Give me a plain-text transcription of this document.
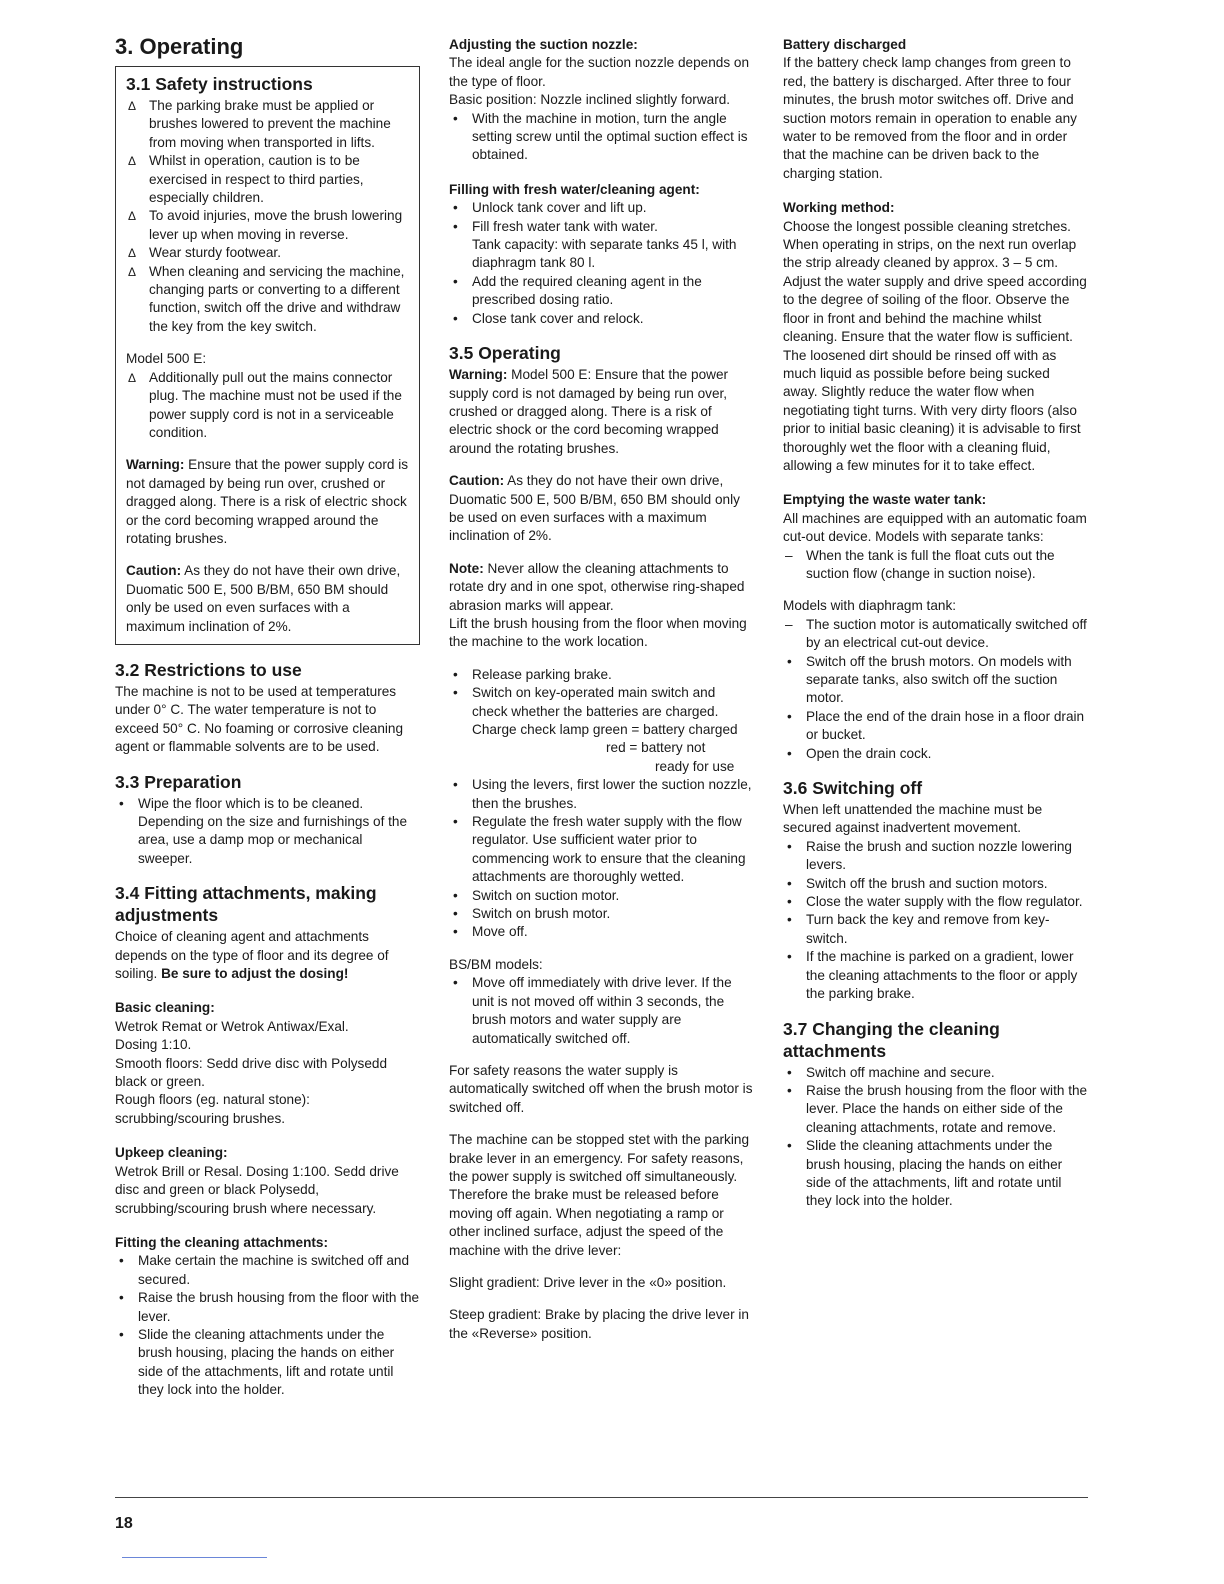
3. Operating
3.1 Safety instructions
Δ The parking brake must be applied or brushes lowered to prevent the machine from moving when transported in lifts.
Δ Whilst in operation, caution is to be exercised in respect to third parties, especially children.
Δ To avoid injuries, move the brush lowering lever up when moving in reverse.
Δ Wear sturdy footwear.
Δ When cleaning and servicing the machine, changing parts or converting to a different function, switch off the drive and withdraw the key from the key switch.

Model 500 E:

Δ Additionally pull out the mains connector plug. The machine must not be used if the power supply cord is not in a serviceable condition.

Warning: Ensure that the power supply cord is not damaged by being run over, crushed or dragged along. There is a risk of electric shock or the cord becoming wrapped around the rotating brushes.

Caution: As they do not have their own drive, Duomatic 500 E, 500 B/BM, 650 BM should only be used on even surfaces with a maximum inclination of 2%.

3.2 Restrictions to use

The machine is not to be used at temperatures under 0° C. The water temperature is not to exceed 50° C. No foaming or corrosive cleaning agent or flammable solvents are to be used.

3.3 Preparation
• Wipe the floor which is to be cleaned. Depending on the size and furnishings of the area, use a damp mop or mechanical sweeper.
3.4 Fitting attachments, making adjustments

Choice of cleaning agent and attachments depends on the type of floor and its degree of soiling. Be sure to adjust the dosing!

Basic cleaning:

Wetrok Remat or Wetrok Antiwax/Exal.

Dosing 1:10.

Smooth floors: Sedd drive disc with Polysedd black or green.

Rough floors (eg. natural stone): scrubbing/scouring brushes.

Upkeep cleaning:

Wetrok Brill or Resal. Dosing 1:100. Sedd drive disc and green or black Polysedd, scrubbing/scouring brush where necessary.

Fitting the cleaning attachments:
• Make certain the machine is switched off and secured.
• Raise the brush housing from the floor with the lever.
• Slide the cleaning attachments under the brush housing, placing the hands on either side of the attachments, lift and rotate until they lock into the holder.
Adjusting the suction nozzle:

The ideal angle for the suction nozzle depends on the type of floor.

Basic position: Nozzle inclined slightly forward.

• With the machine in motion, turn the angle setting screw until the optimal suction effect is obtained.
Filling with fresh water/cleaning agent:
• Unlock tank cover and lift up.
• Fill fresh water tank with water.
Tank capacity: with separate tanks 45 l, with diaphragm tank 80 l.
• Add the required cleaning agent in the prescribed dosing ratio.
• Close tank cover and relock.
3.5 Operating

Warning: Model 500 E: Ensure that the power supply cord is not damaged by being run over, crushed or dragged along. There is a risk of electric shock or the cord becoming wrapped around the rotating brushes.

Caution: As they do not have their own drive, Duomatic 500 E, 500 B/BM, 650 BM should only be used on even surfaces with a maximum inclination of 2%.

Note: Never allow the cleaning attachments to rotate dry and in one spot, otherwise ring-shaped abrasion marks will appear.

Lift the brush housing from the floor when moving the machine to the work location.

• Release parking brake.
• Switch on key-operated main switch and check whether the batteries are charged.

Charge check lamp green = battery charged

red = battery not

ready for use

• Using the levers, first lower the suction nozzle, then the brushes.
• Regulate the fresh water supply with the flow regulator. Use sufficient water prior to commencing work to ensure that the cleaning attachments are thoroughly wetted.
• Switch on suction motor.
• Switch on brush motor.
• Move off.

BS/BM models:

• Move off immediately with drive lever. If the unit is not moved off within 3 seconds, the brush motors and water supply are automatically switched off.

For safety reasons the water supply is automatically switched off when the brush motor is switched off.

The machine can be stopped stet with the parking brake lever in an emergency. For safety reasons, the power supply is switched off simultaneously. Therefore the brake must be released before moving off again. When negotiating a ramp or other inclined surface, adjust the speed of the machine with the drive lever:

Slight gradient: Drive lever in the «0» position.

Steep gradient: Brake by placing the drive lever in the «Reverse» position.

Battery discharged

If the battery check lamp changes from green to red, the battery is discharged. After three to four minutes, the brush motor switches off. Drive and suction motors remain in operation to enable any water to be removed from the floor and in order that the machine can be driven back to the charging station.

Working method:

Choose the longest possible cleaning stretches. When operating in strips, on the next run overlap the strip already cleaned by approx. 3 – 5 cm. Adjust the water supply and drive speed according to the degree of soiling of the floor. Observe the floor in front and behind the machine whilst cleaning. Ensure that the water flow is sufficient. The loosened dirt should be rinsed off with as much liquid as possible before being sucked away. Slightly reduce the water flow when negotiating tight turns. With very dirty floors (also prior to initial basic cleaning) it is advisable to first thoroughly wet the floor with a cleaning fluid, allowing a few minutes for it to take effect.

Emptying the waste water tank:

All machines are equipped with an automatic foam cut-out device. Models with separate tanks:

– When the tank is full the float cuts out the suction flow (change in suction noise).

Models with diaphragm tank:

– The suction motor is automatically switched off by an electrical cut-out device.
• Switch off the brush motors. On models with separate tanks, also switch off the suction motor.
• Place the end of the drain hose in a floor drain or bucket.
• Open the drain cock.
3.6 Switching off

When left unattended the machine must be secured against inadvertent movement.

• Raise the brush and suction nozzle lowering levers.
• Switch off the brush and suction motors.
• Close the water supply with the flow regulator.
• Turn back the key and remove from key-switch.
• If the machine is parked on a gradient, lower the cleaning attachments to the floor or apply the parking brake.
3.7 Changing the cleaning attachments
• Switch off machine and secure.
• Raise the brush housing from the floor with the lever. Place the hands on either side of the cleaning attachments, rotate and remove.
• Slide the cleaning attachments under the brush housing, placing the hands on either side of the attachments, lift and rotate until they lock into the holder.
18
